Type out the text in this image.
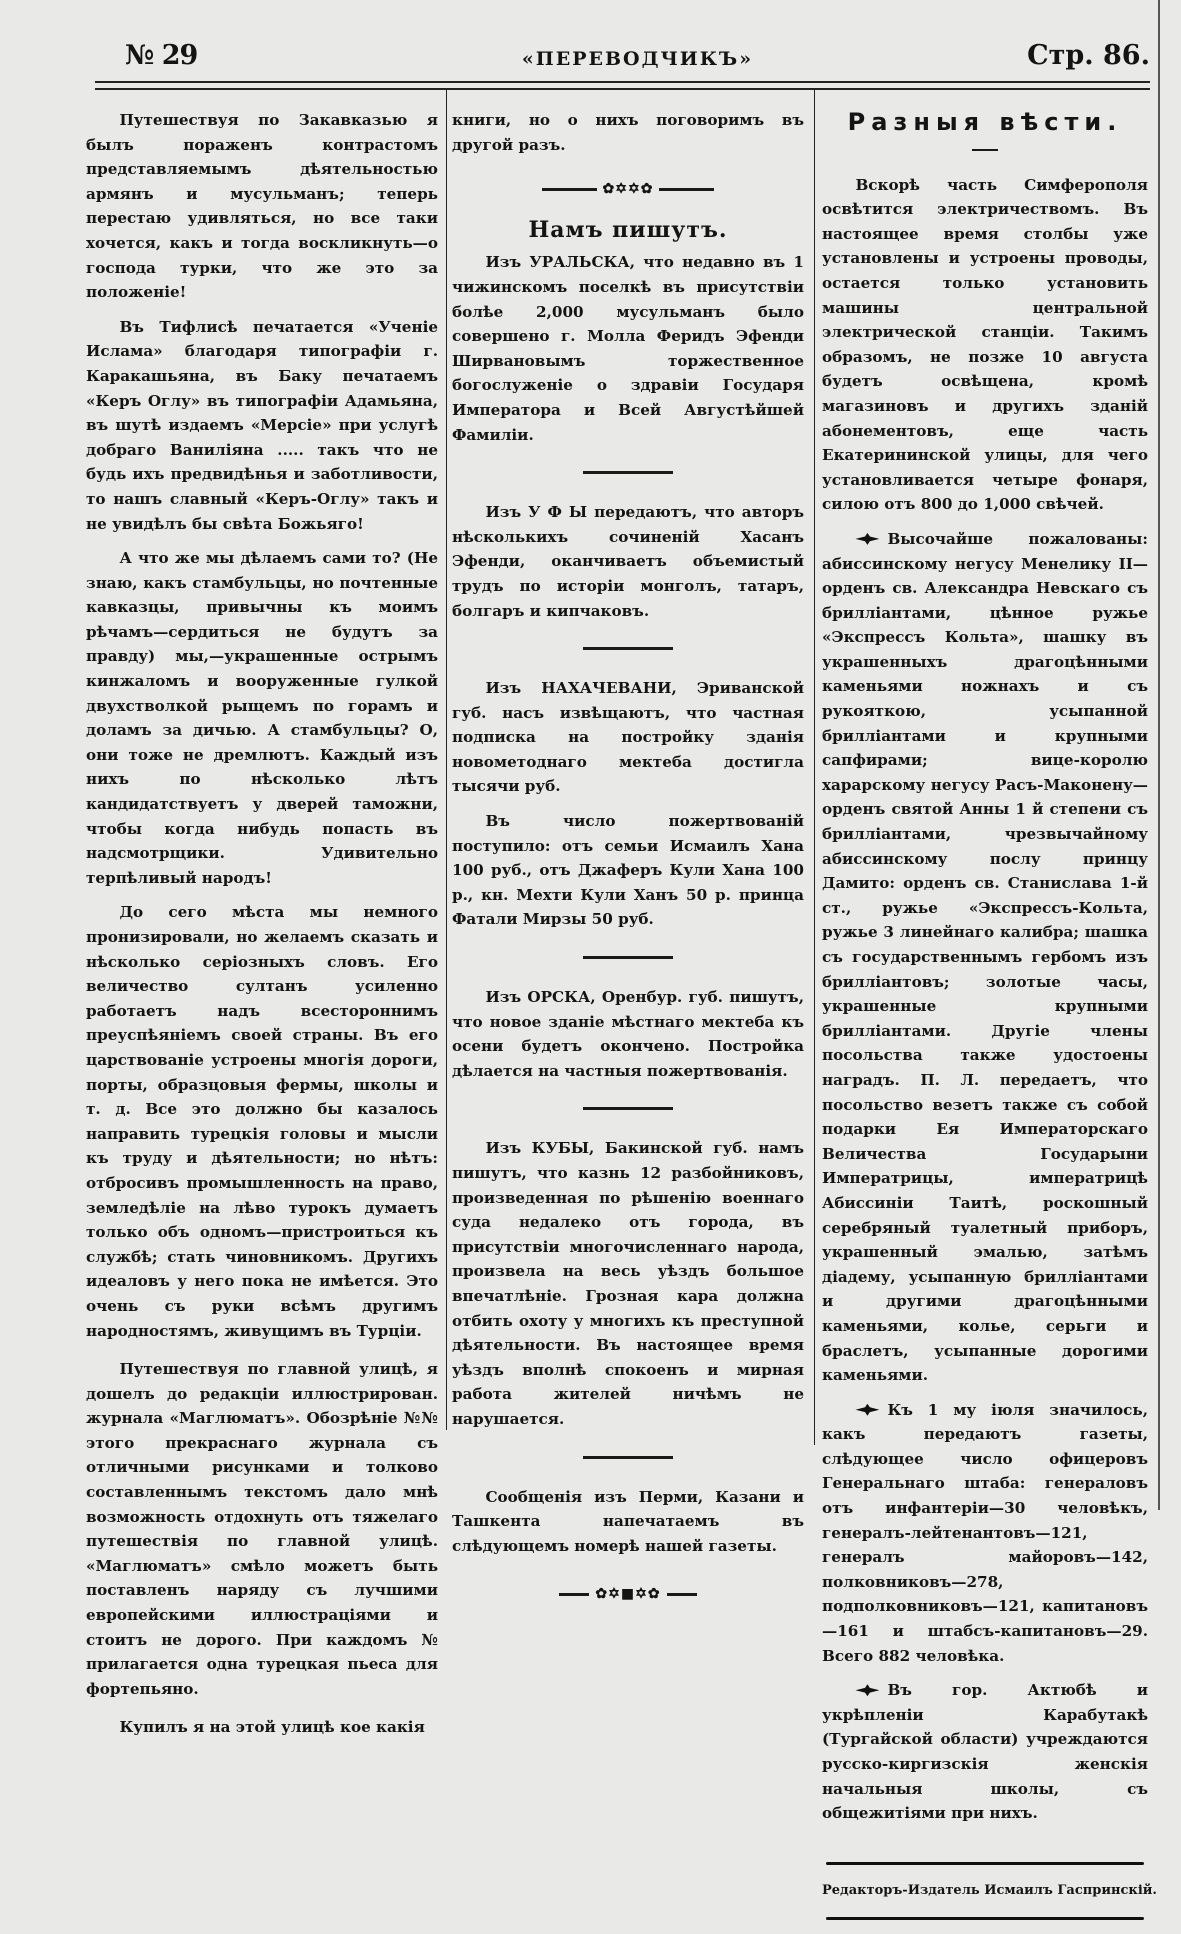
№ 29	«ПЕРЕВОДЧИКЪ»	Стр. 86.

Путешествуя по Закавказью я былъ пораженъ контрастомъ представляемымъ дѣятельностью армянъ и мусульманъ; теперь перестаю удивляться, но все таки хочется, какъ и тогда воскликнуть—о господа турки, что же это за положеніе!

Въ Тифлисѣ печатается «Ученіе Ислама» благодаря типографіи г. Каракашьяна, въ Баку печатаемъ «Керъ Оглу» въ типографіи Адамьяна, въ шутѣ издаемъ «Мерсіе» при услугѣ добраго Ваниліяна ..... такъ что не будь ихъ предвидѣнья и заботливости, то нашъ славный «Керъ-Оглу» такъ и не увидѣлъ бы свѣта Божьяго!

А что же мы дѣлаемъ сами то? (Не знаю, какъ стамбульцы, но почтенные кавказцы, привычны къ моимъ рѣчамъ—сердиться не будутъ за правду) мы,—украшенные острымъ кинжаломъ и вооруженные гулкой двухстволкой рыщемъ по горамъ и доламъ за дичью. А стамбульцы? О, они тоже не дремлютъ. Каждый изъ нихъ по нѣсколько лѣтъ кандидатствуетъ у дверей таможни, чтобы когда нибудь попасть въ надсмотрщики. Удивительно терпѣливый народъ!

До сего мѣста мы немного пронизировали, но желаемъ сказать и нѣсколько серіозныхъ словъ. Его величество султанъ усиленно работаетъ надъ всестороннимъ преуспѣяніемъ своей страны. Въ его царствованіе устроены многія дороги, порты, образцовыя фермы, школы и т. д. Все это должно бы казалось направить турецкія головы и мысли къ труду и дѣятельности; но нѣтъ: отбросивъ промышленность на право, земледѣліе на лѣво турокъ думаетъ только объ одномъ—пристроиться къ службѣ; стать чиновникомъ. Другихъ идеаловъ у него пока не имѣется. Это очень съ руки всѣмъ другимъ народностямъ, живущимъ въ Турціи.

Путешествуя по главной улицѣ, я дошелъ до редакціи иллюстрирован. журнала «Маглюматъ». Обозрѣніе №№ этого прекраснаго журнала съ отличными рисунками и толково составленнымъ текстомъ дало мнѣ возможность отдохнуть отъ тяжелаго путешествія по главной улицѣ. «Маглюматъ» смѣло можетъ быть поставленъ наряду съ лучшими европейскими иллюстраціями и стоитъ не дорого. При каждомъ № прилагается одна турецкая пьеса для фортепьяно.

Купилъ я на этой улицѣ кое какія

книги, но о нихъ поговоримъ въ другой разъ.

✿✡✡✿
Намъ пишутъ.

Изъ УРАЛЬСКА, что недавно въ 1 чижинскомъ поселкѣ въ присутствіи болѣе 2,000 мусульманъ было совершено г. Молла Феридъ Эфенди Ширвановымъ торжественное богослуженіе о здравіи Государя Императора и Всей Августѣйшей Фамиліи.

Изъ У Ф Ы передаютъ, что авторъ нѣсколькихъ сочиненій Хасанъ Эфенди, оканчиваетъ объемистый трудъ по исторіи монголъ, татаръ, болгаръ и кипчаковъ.

Изъ НАХАЧЕВАНИ, Эриванской губ. насъ извѣщаютъ, что частная подписка на постройку зданія новометоднаго мектеба достигла тысячи руб.

Въ число пожертвованій поступило: отъ семьи Исмаилъ Хана 100 руб., отъ Джаферъ Кули Хана 100 р., кн. Мехти Кули Ханъ 50 р. принца Фатали Мирзы 50 руб.

Изъ ОРСКА, Оренбур. губ. пишутъ, что новое зданіе мѣстнаго мектеба къ осени будетъ окончено. Постройка дѣлается на частныя пожертвованія.

Изъ КУБЫ, Бакинской губ. намъ пишутъ, что казнь 12 разбойниковъ, произведенная по рѣшенію военнаго суда недалеко отъ города, въ присутствіи многочисленнаго народа, произвела на весь уѣздъ большое впечатлѣніе. Грозная кара должна отбить охоту у многихъ къ преступной дѣятельности. Въ настоящее время уѣздъ вполнѣ спокоенъ и мирная работа жителей ничѣмъ не нарушается.

Сообщенія изъ Перми, Казани и Ташкента напечатаемъ въ слѣдующемъ номерѣ нашей газеты.

✿✡■✡✿
Разныя вѣсти.

Вскорѣ часть Симферополя освѣтится электричествомъ. Въ настоящее время столбы уже установлены и устроены проводы, остается только установить машины центральной электрической станціи. Такимъ образомъ, не позже 10 августа будетъ освѣщена, кромѣ магазиновъ и другихъ зданій абонементовъ, еще часть Екатерининской улицы, для чего установливается четыре фонаря, силою отъ 800 до 1,000 свѣчей.

Высочайше пожалованы: абиссинскому негусу Менелику II—орденъ св. Александра Невскаго съ брилліантами, цѣнное ружье «Экспрессъ Кольта», шашку въ украшенныхъ драгоцѣнными каменьями ножнахъ и съ рукояткою, усыпанной брилліантами и крупными сапфирами; вице-королю харарскому негусу Расъ-Маконену—орденъ святой Анны 1 й степени съ брилліантами, чрезвычайному абиссинскому послу принцу Дамито: орденъ св. Станислава 1-й ст., ружье «Экспрессъ-Кольта, ружье 3 линейнаго калибра; шашка съ государственнымъ гербомъ изъ брилліантовъ; золотые часы, украшенные крупными брилліантами. Другіе члены посольства также удостоены наградъ. П. Л. передаетъ, что посольство везетъ также съ собой подарки Ея Императорскаго Величества Государыни Императрицы, императрицѣ Абиссиніи Таитѣ, роскошный серебряный туалетный приборъ, украшенный эмалью, затѣмъ діадему, усыпанную брилліантами и другими драгоцѣнными каменьями, колье, серьги и браслетъ, усыпанные дорогими каменьями.

Къ 1 му іюля значилось, какъ передаютъ газеты, слѣдующее число офицеровъ Генеральнаго штаба: генераловъ отъ инфантеріи—30 человѣкъ, генералъ-лейтенантовъ—121, генералъ майоровъ—142, полковниковъ—278, подполковниковъ—121, капитановъ—161 и штабсъ-капитановъ—29. Всего 882 человѣка.

Въ гор. Актюбѣ и укрѣпленіи Карабутакѣ (Тургайской области) учреждаются русско-киргизскія женскія начальныя школы, съ общежитіями при нихъ.

Редакторъ-Издатель Исмаилъ Гаспринскій.
